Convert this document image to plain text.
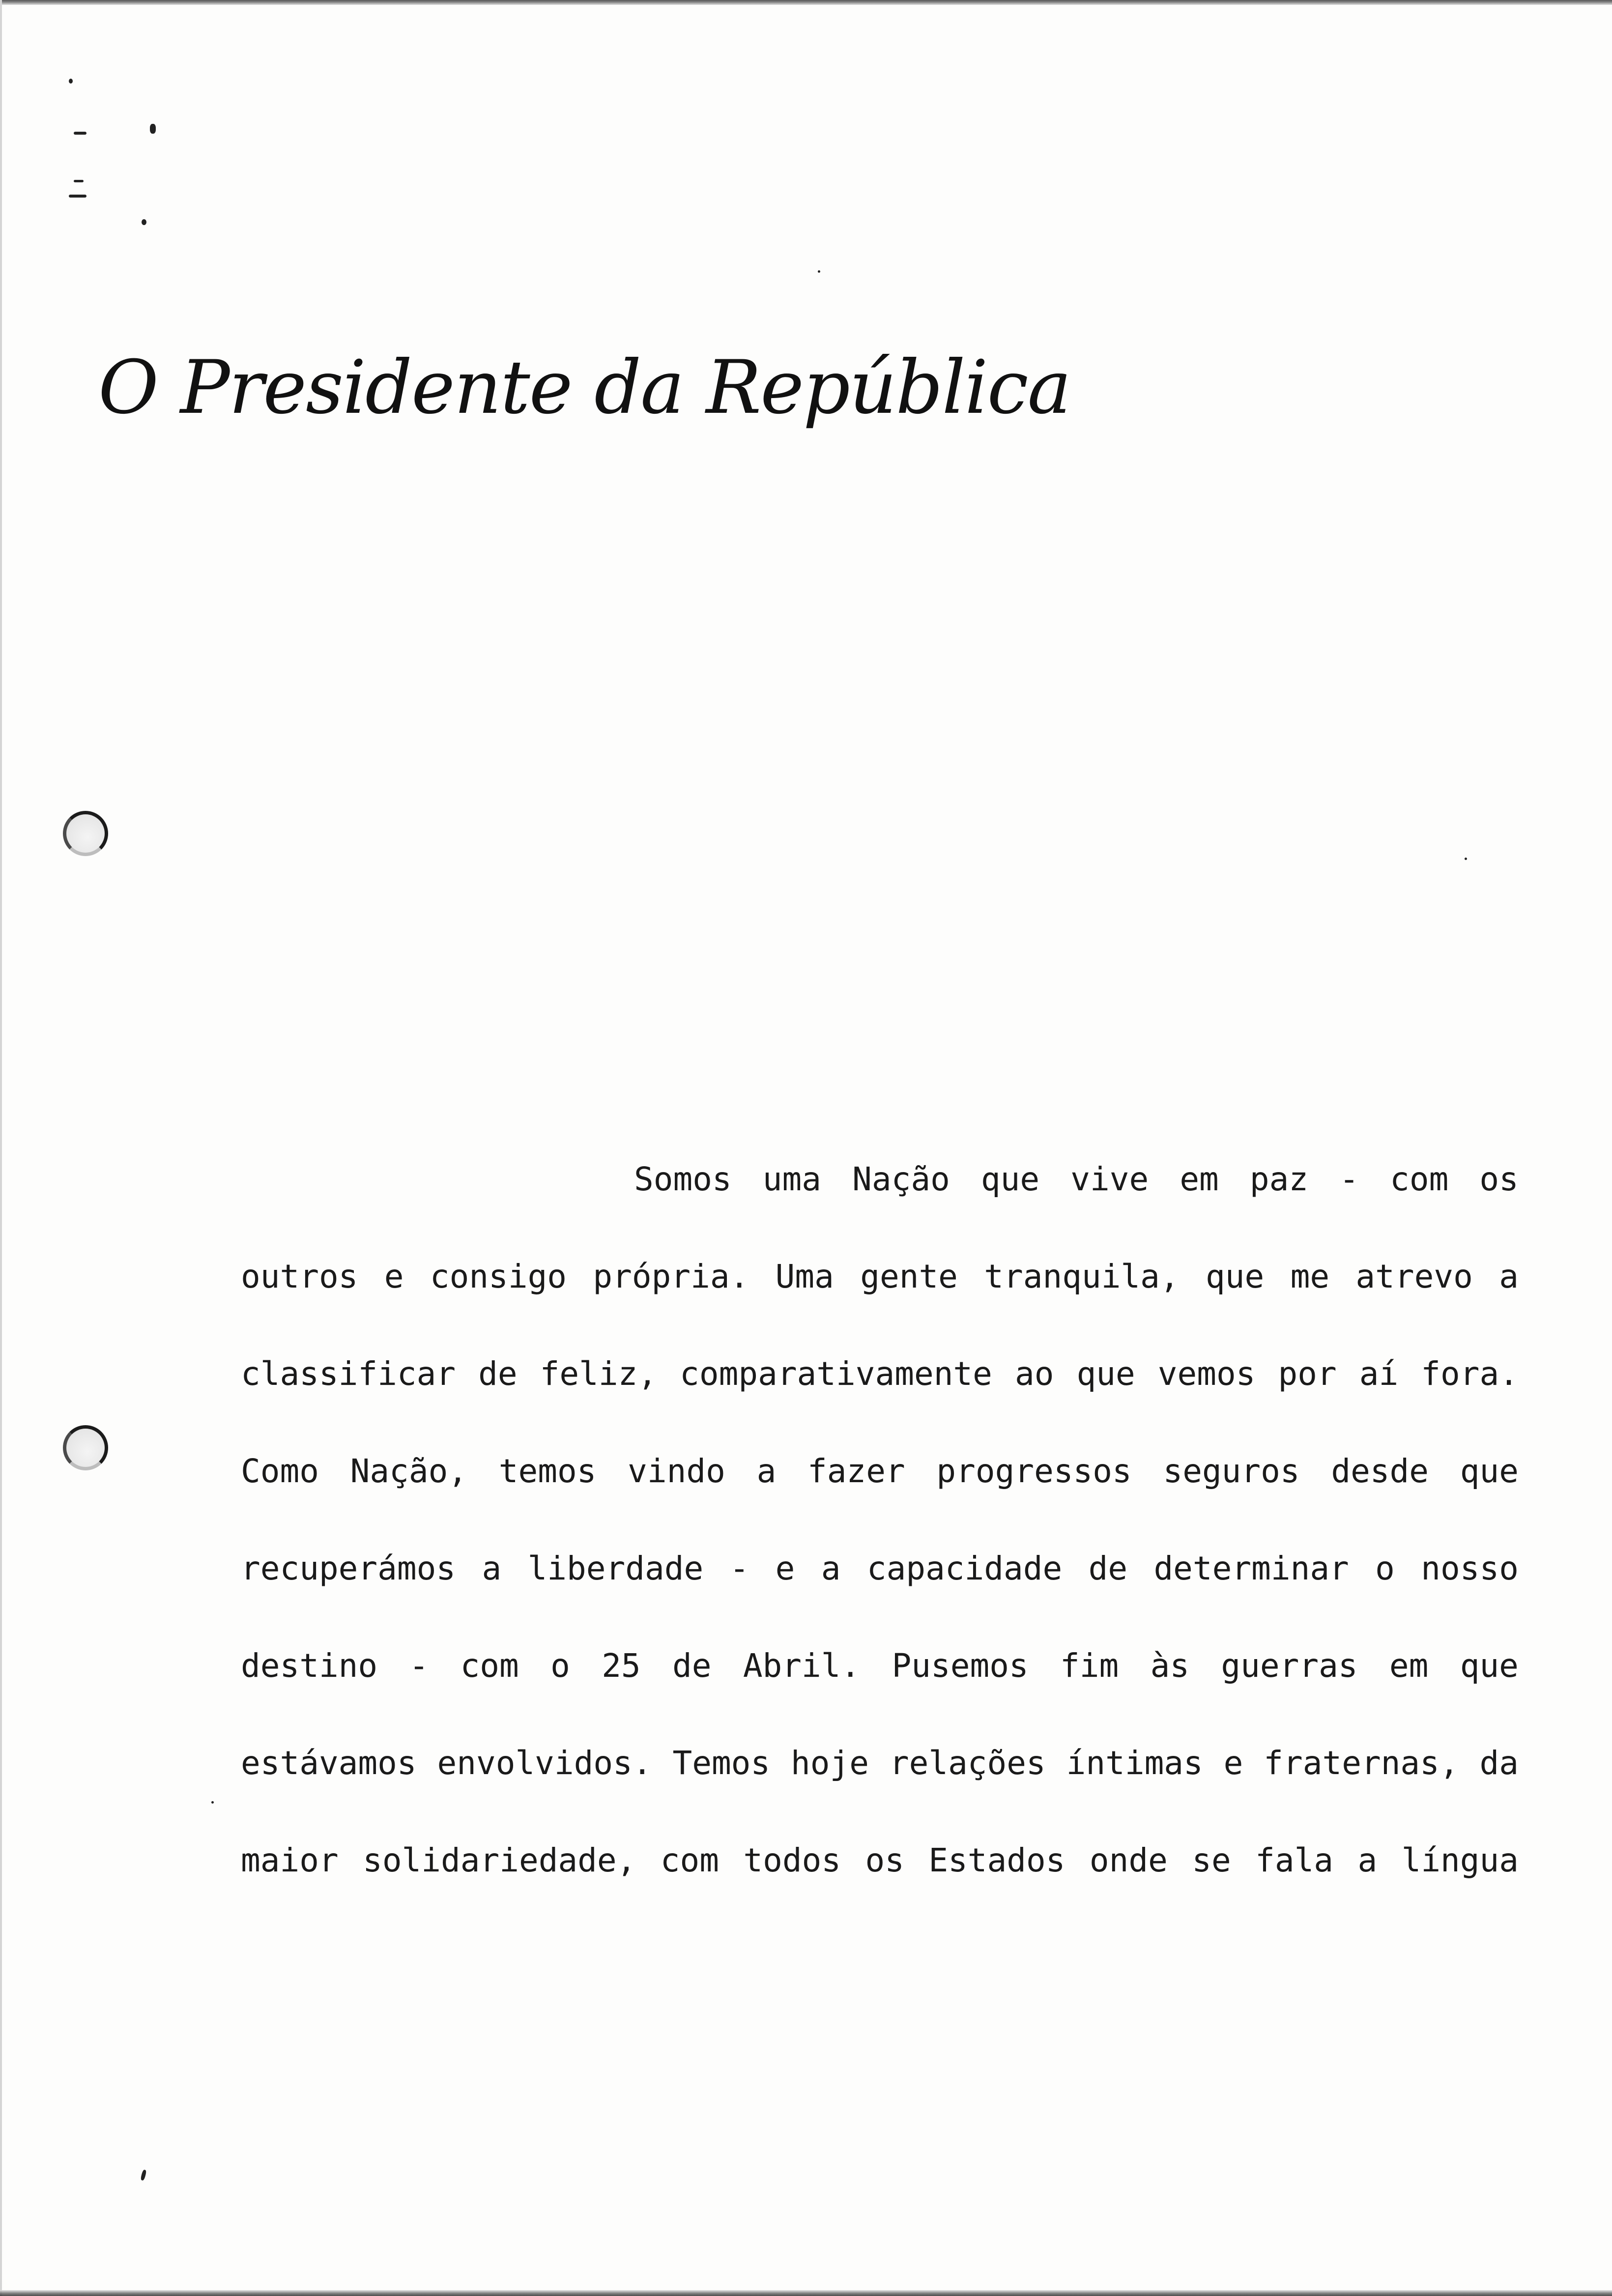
O Presidente da República
Somos uma Nação que vive em paz - com os
outros e consigo própria. Uma gente tranquila, que me atrevo a
classificar de feliz, comparativamente ao que vemos por aí fora.
Como Nação, temos vindo a fazer progressos seguros desde que
recuperámos a liberdade - e a capacidade de determinar o nosso
destino - com o 25 de Abril. Pusemos fim às guerras em que
estávamos envolvidos. Temos hoje relações íntimas e fraternas, da
maior solidariedade, com todos os Estados onde se fala a língua
